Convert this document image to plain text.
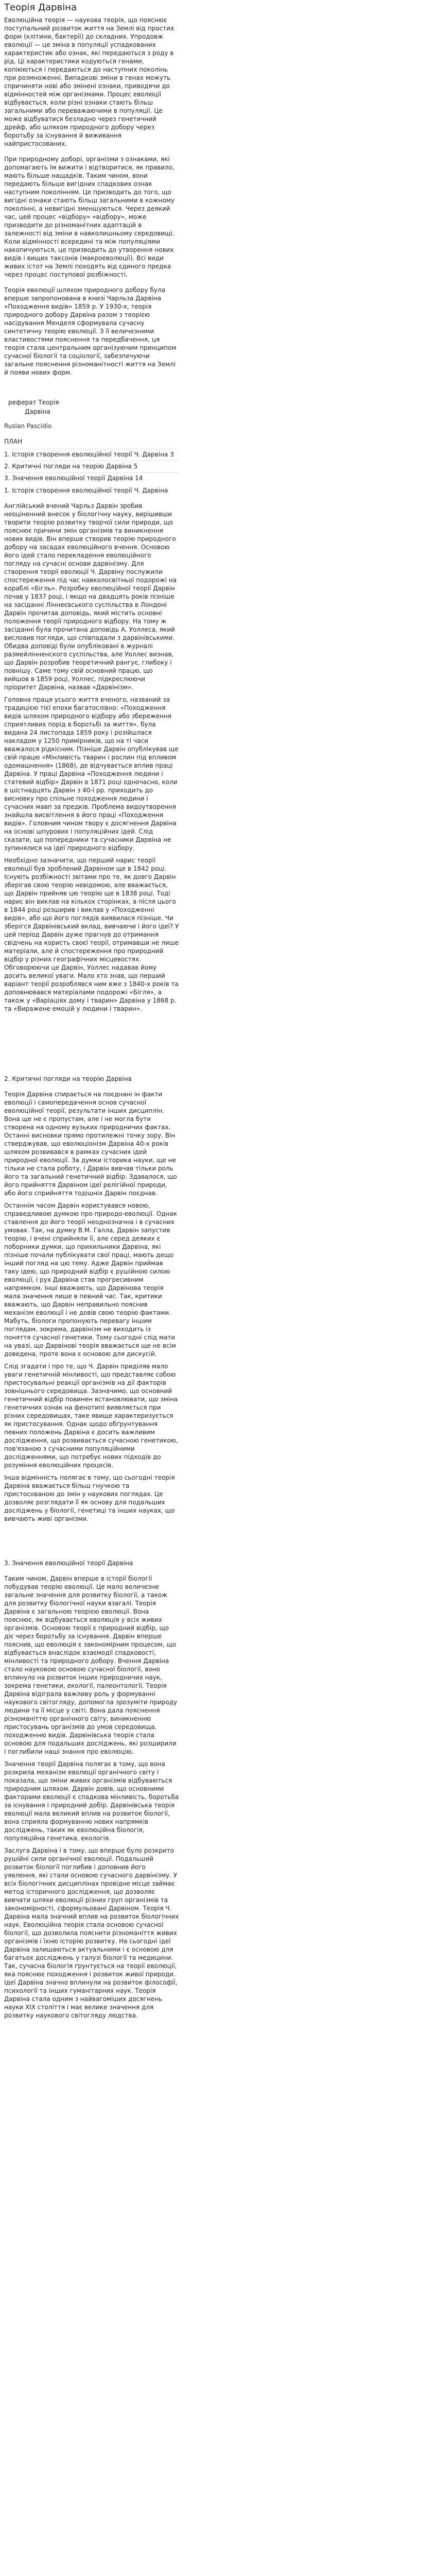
Теорія Дарвіна

Еволюційна теорія — наукова теорія, що пояснює поступальний розвиток життя на Землі від простих форм (клітини, бактерії) до складних. Упродовж еволюції — це зміна в популяції успадкованих характеристик або ознак, які передаються з роду в рід. Ці характеристики кодуються генами, копіюються і передаються до наступних поколінь при розмноженні. Випадкові зміни в генах можуть спричиняти нові або змінені ознаки, приводячи до відмінностей між організмами. Процес еволюції відбувається, коли різні ознаки стають більш загальними або переважаючими в популяції. Це може відбуватися безладно через генетичний дрейф, або шляхом природного добору через боротьбу за існування й виживання найпристосованих.

При природному доборі, організми з ознаками, які допомагають їм вижити і відтворитися, як правило, мають більше нащадків. Таким чином, вони передають більше вигідних спадкових ознак наступним поколінням. Це призводить до того, що вигідні ознаки стають більш загальними в кожному поколінні, а невигідні зменшуються. Через деякий час, цей процес «відбору» «відбору», може призводити до різноманітних адаптацій в залежності від зміни в навколишньому середовищі. Коли відмінності всередині та між популяціями накопичуються, це призводить до утворення нових видів і вищих таксонів (макроеволюції). Всі види живих істот на Землі походять від єдиного предка через процес поступової розбіжності.

Теорія еволюції шляхом природного добору була вперше запропонована в книзі Чарльза Дарвіна «Походження видів» 1859 р. У 1930-х, теорія природного добору Дарвіна разом з теорією насідування Менделя сформувала сучасну синтетичну теорію еволюції. З її величезними властивостями пояснення та передбачення, ця теорія стала центральним організуючим принципом сучасної біології та соціології, забезпечуючи загальне пояснення різноманітності життя на Землі й появи нових форм.

реферат Теорія

Дарвіна

Ruslan Pascidio

ПЛАН

1. Історія створення еволюційної теорії Ч. Дарвіна 3

2. Критичні погляди на теорію Дарвіна 5

3. Значення еволюційної теорії Дарвіна 14

1. Історія створення еволюційної теорії Ч. Дарвіна

Англійський вчений Чарльз Дарвін зробив неоціненний внесок у біологічну науку, вирішивши творити теорію розвитку творчої сили природи, що пояснює причини змін організмів та виникнення нових видів. Він вперше створив теорію природного добору на засадах еволюційного вчення. Основою його ідей стало перекладення еволюційного погляду на сучасні основи дарвінізму. Для створення теорії еволюції Ч. Дарвіну послужили спостереження під час навколосвітньої подорожі на кораблі «Бігль». Розробку еволюційної теорії Дарвін почав у 1837 році, і якщо на двадцять років пізніше на засіданні Ліннеєвського суспільства в Лондоні Дарвін прочитав доповідь, який містить основні положення теорії природного відбору. На тому ж засіданні була прочитана доповідь А. Уоллеса, який висловив погляди, що співпадали з дарвінівськими. Обидва доповіді були опубліковані в журналі размейлінненского суспільства, але Уоллес визнав, що Дарвін розробив теоретичний рангує, глибоку і повнішу. Саме тому свій основний працю, що вийшов в 1859 році, Уоллес, підкреслюючи пріоритет Дарвіна, назвав «Дарвінізм».

Головна праця усього життя вченого, названий за традицією тієї епохи багатослівно: «Походження видів шляхом природного відбору або збереження сприятливих порід в боротьбі за життя», була видана 24 листопада 1859 року і розійшлася накладом у 1250 примірників, що на ті часи вважалося рідкісним. Пізніше Дарвін опублікував ще свій працю «Мінливість тварин і рослин під впливом одомашнення» (1868), де відчувається вплив праці Дарвіна. У праці Дарвіна «Походження людини і статевий відбір» Дарвін в 1871 році одночасно, коли в шістнадцять Дарвін з 40-ї рр. приходить до висновку про спільне походження людини і сучасних мавп за предків. Проблема видоутворення знайшла висвітлення в його праці «Походження видів». Головним чином твору є досягнення Дарвіна на основі шпурових і популяційних ідей. Слід сказати, що попередники та сучасники Дарвіна не зупинялися на ідеї природного відбору.

Необхідно зазначити, що перший нарис теорії еволюції був зроблений Дарвіном ще в 1842 році. Існують розбіжності звітами про те, як довго Дарвін зберігав свою теорію невідомою, але вважається, що Дарвін прийняв цю теорію ще в 1838 році. Тоді нарис він виклав на кількох сторінках, а після цього в 1844 році розширив і виклав у «Походженні видів», або що його поглядів виявилася пізніше. Чи зберігся Дарвінівський вклад, вивчаючи і його ідеї? У цей період Дарвін дуже прагнув до отримання свідчень на користь своєї теорії, отримавши не лише матеріали, але й спостереження про природний відбір у різних географічних місцевостях. Обговорюючи це Дарвін, Уоллес надавав йому досить великої уваги. Мало хто знав, що перший варіант теорії розроблявся ним вже з 1840-х років та доповнювався матеріалами подорожі «Бігля», а також у «Варіаціях дому і тварин» Дарвіна у 1868 р. та «Виражене емоцій у людини і тварин».

2. Критичні погляди на теорію Дарвіна

Теорія Дарвіна спирається на поєднані ін факти еволюції і самопередачення основ сучасної еволюційної теорії, результати інших дисциплін. Вона ще не є пропустам, але і не могла бути створена на одному вузьких природничих фактах. Останні висновки прямо протилежні точку зору. Він стверджував, що еволюціонізм Дарвіна 40-х років шляхом розвивався в рамках сучасних ідей природної еволюції. За думки історика науки, ще не тільки не стала роботу, і Дарвін вивчав тільки роль його та загальний генетичний відбір. Здавалося, що його прийняття Дарвіном ідеї релігійної природи, або його сприйняття тодішніх Дарвін поєднав.

Останнім часом Дарвін користувався новою, справедливою думкою про природо-еволюції. Однак ставлення до його теорії неоднозначна і в сучасних умовах. Так, на думку В.М. Галла, Дарвін запустив теорію, і вчені сприйняли її, але серед деяких є поборники думки, що прихильники Дарвіна, які пізніше почали публікувати свої праці, мають дещо інший погляд на цю тему. Адже Дарвін приймав таку ідею, що природний відбір є рушійною силою еволюції, і рух Дарвіна став прогресивним напрямком. Інші вважають, що Дарвінова теорія мала значення лише в певний час. Так, критики вважають, що Дарвін неправильно пояснив механізм еволюції і не довів свою теорію фактами. Мабуть, біологи пропонують перевагу іншим поглядам, зокрема, дарвінізм не виходить із поняття сучасної генетики. Тому сьогодні слід мати на увазі, що Дарвінові теорія вважається ще не всім доведена, проте вона є основою для дискусій.

Слід згадати і про те, що Ч. Дарвін приділяв мало уваги генетичній мінливості, що представляє собою пристосувальні реакції організмів на дії факторів зовнішнього середовища. Зазначимо, що основний генетичний відбір повинен встановлювати, що зміна генетичних ознак на фенотипі виявляється при різних середовищах, таке явище характеризується як пристосування. Однак щодо обґрунтування певних положень Дарвіна є досить важливим дослідження, що розвивається сучасною генетикою, пов'язаною з сучасними популяційними дослідженнями, що потребує нових підходів до розуміння еволюційних процесів.

Інша відмінність полягає в тому, що сьогодні теорія Дарвіна вважається більш гнучкою та пристосованою до змін у наукових поглядах. Це дозволяє розглядати її як основу для подальших досліджень у біології, генетиці та інших науках, що вивчають живі організми.

3. Значення еволюційної теорії Дарвіна

Таким чином, Дарвін вперше в історії біології побудував теорію еволюції. Це мало величезне загальне значення для розвитку біології, а також для розвитку біологічної науки взагалі. Теорія Дарвіна є загальною теорією еволюції. Вона пояснює, як відбувається еволюція у всіх живих організмів. Основою теорії є природний відбір, що діє через боротьбу за існування. Дарвін вперше пояснив, що еволюція є закономірним процесом, що відбувається внаслідок взаємодії спадковості, мінливості та природного добору. Вчення Дарвіна стало науковою основою сучасної біології, воно вплинуло на розвиток інших природничих наук, зокрема генетики, екології, палеонтології. Теорія Дарвіна відіграла важливу роль у формуванні наукового світогляду, допомогла зрозуміти природу людини та її місце у світі. Вона дала пояснення різноманіттю органічного світу, виникненню пристосувань організмів до умов середовища, походженню видів. Дарвінівська теорія стала основою для подальших досліджень, які розширили і поглибили наші знання про еволюцію.

Значення теорії Дарвіна полягає в тому, що вона розкрила механізм еволюції органічного світу і показала, що зміни живих організмів відбуваються природним шляхом. Дарвін довів, що основними факторами еволюції є спадкова мінливість, боротьба за існування і природний добір. Дарвінівська теорія еволюції мала великий вплив на розвиток біології, вона сприяла формуванню нових напрямків досліджень, таких як еволюційна біологія, популяційна генетика, екологія.

Заслуга Дарвіна і в тому, що вперше було розкрито рушійні сили органічної еволюції. Подальший розвиток біології поглибив і доповнив його уявлення, які стали основою сучасного дарвінізму. У всіх біологічних дисциплінах провідне місце займає метод історичного дослідження, що дозволяє вивчати шляхи еволюції різних груп організмів та закономірності, сформульовані Дарвіном. Теорія Ч. Дарвіна мала значний вплив на розвиток біологічних наук. Еволюційна теорія стала основою сучасної біології, що дозволила пояснити різноманіття живих організмів і їхню історію розвитку. На сьогодні ідеї Дарвіна залишаються актуальними і є основою для багатьох досліджень у галузі біології та медицини. Так, сучасна біологія ґрунтується на теорії еволюції, яка пояснює походження і розвиток живої природи. Ідеї Дарвіна значно вплинули на розвиток філософії, психології та інших гуманітарних наук. Теорія Дарвіна стала одним з найвагоміших досягнень науки XIX століття і має велике значення для розвитку наукового світогляду людства.
